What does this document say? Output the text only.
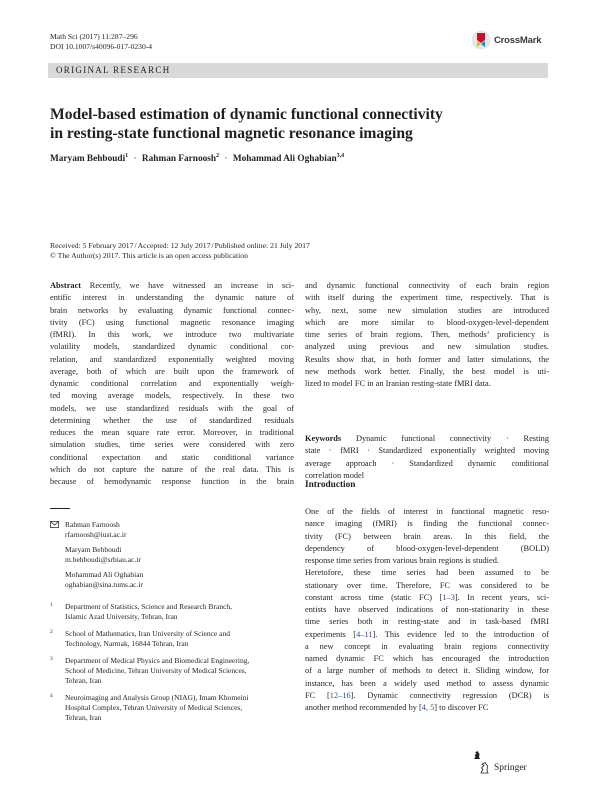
Math Sci (2017) 11:287–296
DOI 10.1007/s40096-017-0230-4
CrossMark
ORIGINAL RESEARCH
Model-based estimation of dynamic functional connectivity
in resting-state functional magnetic resonance imaging
Maryam Behboudi$^1$ · Rahman Farnoosh$^2$ · Mohammad Ali Oghabian$^{3,4}$
Received: 5 February 2017/Accepted: 12 July 2017/Published online: 21 July 2017
© The Author(s) 2017. This article is an open access publication
Abstract Recently, we have witnessed an increase in sci-
entific interest in understanding the dynamic nature of
brain networks by evaluating dynamic functional connec-
tivity (FC) using functional magnetic resonance imaging
(fMRI). In this work, we introduce two multivariate
volatility models, standardized dynamic conditional cor-
relation, and standardized exponentially weighted moving
average, both of which are built upon the framework of
dynamic conditional correlation and exponentially weigh-
ted moving average models, respectively. In these two
models, we use standardized residuals with the goal of
determining whether the use of standardized residuals
reduces the mean square rate error. Moreover, in traditional
simulation studies, time series were considered with zero
conditional expectation and static conditional variance
which do not capture the nature of the real data. This is
because of hemodynamic response function in the brain
and dynamic functional connectivity of each brain region
with itself during the experiment time, respectively. That is
why, next, some new simulation studies are introduced
which are more similar to blood-oxygen-level-dependent
time series of brain regions. Then, methods’ proficiency is
analyzed using previous and new simulation studies.
Results show that, in both former and latter simulations, the
new methods work better. Finally, the best model is uti-
lized to model FC in an Iranian resting-state fMRI data.
Keywords Dynamic functional connectivity · Resting
state · fMRI · Standardized exponentially weighted moving
average approach · Standardized dynamic conditional
correlation model
Introduction
One of the fields of interest in functional magnetic reso-
nance imaging (fMRI) is finding the functional connec-
tivity (FC) between brain areas. In this field, the
dependency of blood-oxygen-level-dependent (BOLD)
response time series from various brain regions is studied.
Heretofore, these time series had been assumed to be
stationary over time. Therefore, FC was considered to be
constant across time (static FC) [1–3]. In recent years, sci-
entists have observed indications of non-stationarity in these
time series both in resting-state and in task-based fMRI
experiments [4–11]. This evidence led to the introduction of
a new concept in evaluating brain regions connectivity
named dynamic FC which has encouraged the introduction
of a large number of methods to detect it. Sliding window, for
instance, has been a widely used method to assess dynamic
FC [12–16]. Dynamic connectivity regression (DCR) is
another method recommended by [4, 5] to discover FC
Rahman Farnoosh
rfarnoosh@iust.ac.ir
Maryam Behboudi
m.behboudi@srbiau.ac.ir
Mohammad Ali Oghabian
oghabian@sina.tums.ac.ir
1 Department of Statistics, Science and Research Branch,
Islamic Azad University, Tehran, Iran
2 School of Mathematics, Iran University of Science and
Technology, Narmak, 16844 Tehran, Iran
3 Department of Medical Physics and Biomedical Engineering,
School of Medicine, Tehran University of Medical Sciences,
Tehran, Iran
4 Neuroimaging and Analysis Group (NIAG), Imam Khomeini
Hospital Complex, Tehran University of Medical Sciences,
Tehran, Iran
Springer
